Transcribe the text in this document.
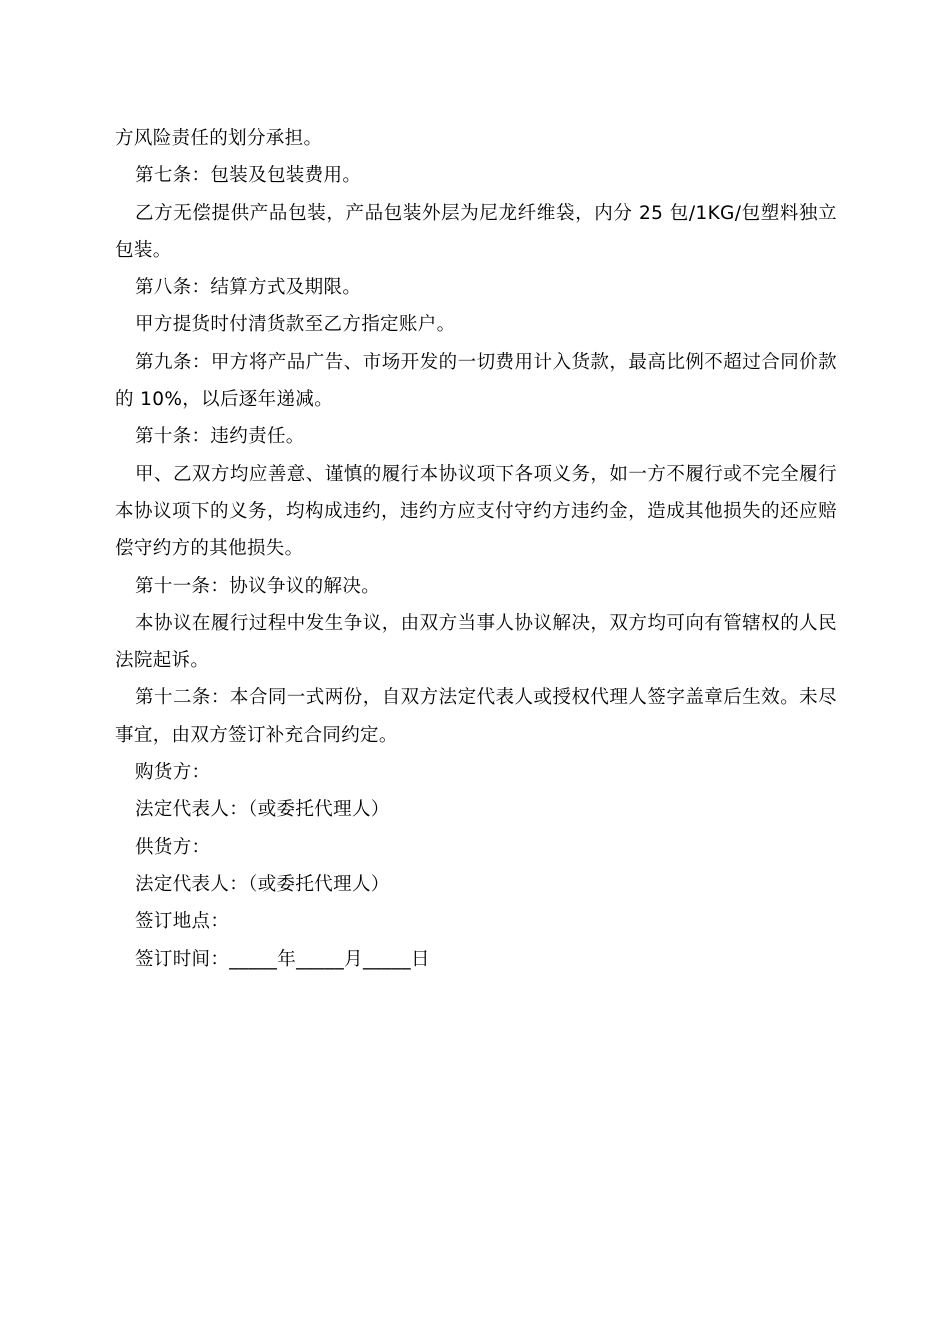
方风险责任的划分承担。

第七条：包装及包装费用。

乙方无偿提供产品包装，产品包装外层为尼龙纤维袋，内分 25 包/1KG/包塑料独立包装。

第八条：结算方式及期限。

甲方提货时付清货款至乙方指定账户。

第九条：甲方将产品广告、市场开发的一切费用计入货款，最高比例不超过合同价款的 10%，以后逐年递减。

第十条：违约责任。

甲、乙双方均应善意、谨慎的履行本协议项下各项义务，如一方不履行或不完全履行本协议项下的义务，均构成违约，违约方应支付守约方违约金，造成其他损失的还应赔偿守约方的其他损失。

第十一条：协议争议的解决。

本协议在履行过程中发生争议，由双方当事人协议解决，双方均可向有管辖权的人民法院起诉。

第十二条：本合同一式两份，自双方法定代表人或授权代理人签字盖章后生效。未尽事宜，由双方签订补充合同约定。

购货方：

法定代表人：（或委托代理人）

供货方：

法定代表人：（或委托代理人）

签订地点：

签订时间：_____年_____月_____日
